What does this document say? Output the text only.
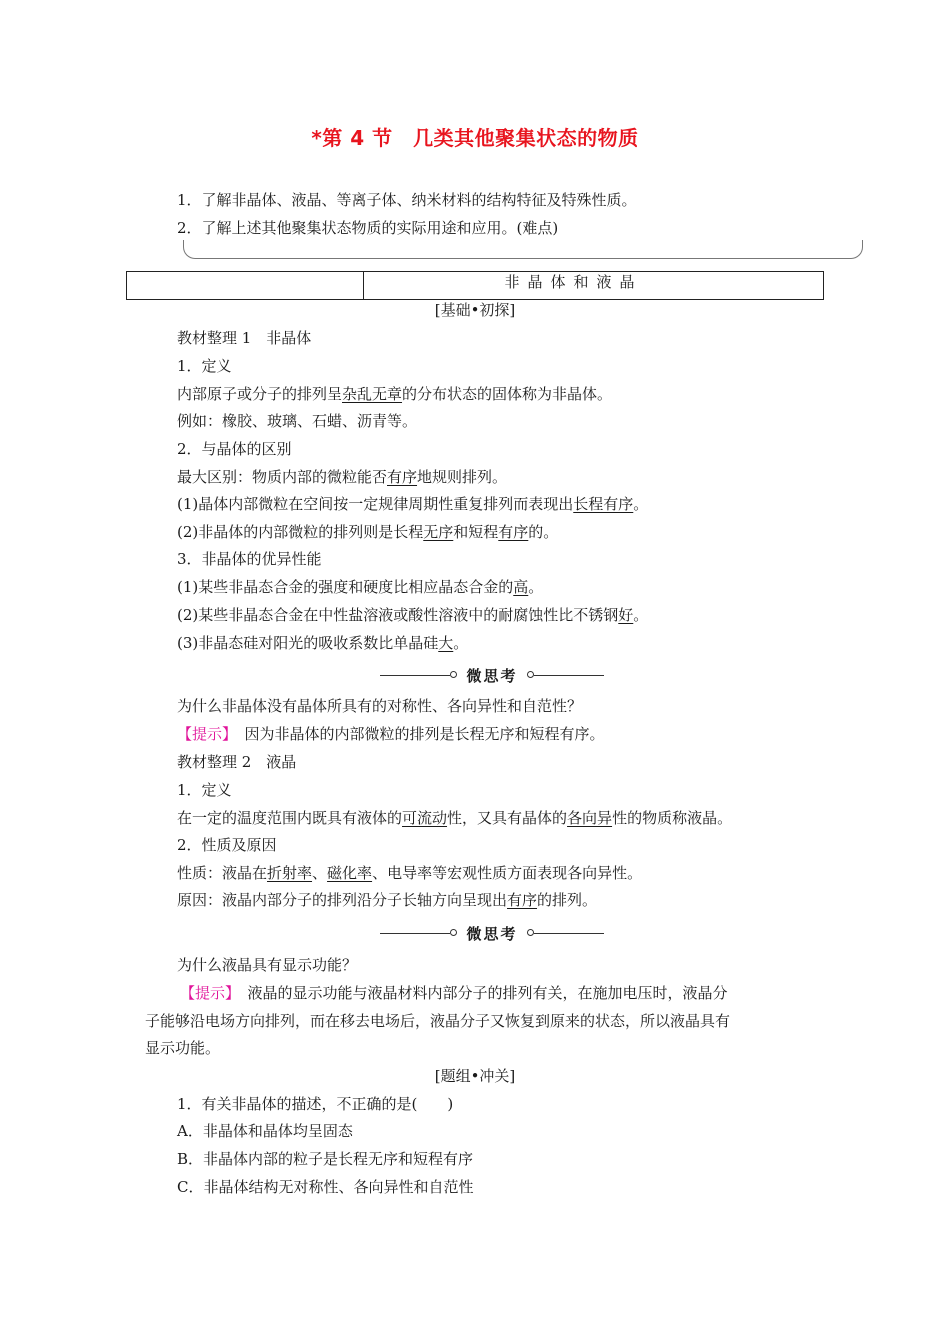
*第 4 节　几类其他聚集状态的物质
1．了解非晶体、液晶、等离子体、纳米材料的结构特征及特殊性质。
2．了解上述其他聚集状态物质的实际用途和应用。(难点)
非晶体和液晶
[基础•初探]
教材整理 1　非晶体
1．定义
内部原子或分子的排列呈杂乱无章的分布状态的固体称为非晶体。
例如：橡胶、玻璃、石蜡、沥青等。
2．与晶体的区别
最大区别：物质内部的微粒能否有序地规则排列。
(1)晶体内部微粒在空间按一定规律周期性重复排列而表现出长程有序。
(2)非晶体的内部微粒的排列则是长程无序和短程有序的。
3．非晶体的优异性能
(1)某些非晶态合金的强度和硬度比相应晶态合金的高。
(2)某些非晶态合金在中性盐溶液或酸性溶液中的耐腐蚀性比不锈钢好。
(3)非晶态硅对阳光的吸收系数比单晶硅大。
微思考
为什么非晶体没有晶体所具有的对称性、各向异性和自范性？
【提示】　因为非晶体的内部微粒的排列是长程无序和短程有序。
教材整理 2　液晶
1．定义
在一定的温度范围内既具有液体的可流动性，又具有晶体的各向异性的物质称液晶。
2．性质及原因
性质：液晶在折射率、磁化率、电导率等宏观性质方面表现各向异性。
原因：液晶内部分子的排列沿分子长轴方向呈现出有序的排列。
微思考
为什么液晶具有显示功能？
【提示】　液晶的显示功能与液晶材料内部分子的排列有关，在施加电压时，液晶分
子能够沿电场方向排列，而在移去电场后，液晶分子又恢复到原来的状态，所以液晶具有
显示功能。
[题组•冲关]
1．有关非晶体的描述，不正确的是(　　)
A．非晶体和晶体均呈固态
B．非晶体内部的粒子是长程无序和短程有序
C．非晶体结构无对称性、各向异性和自范性
